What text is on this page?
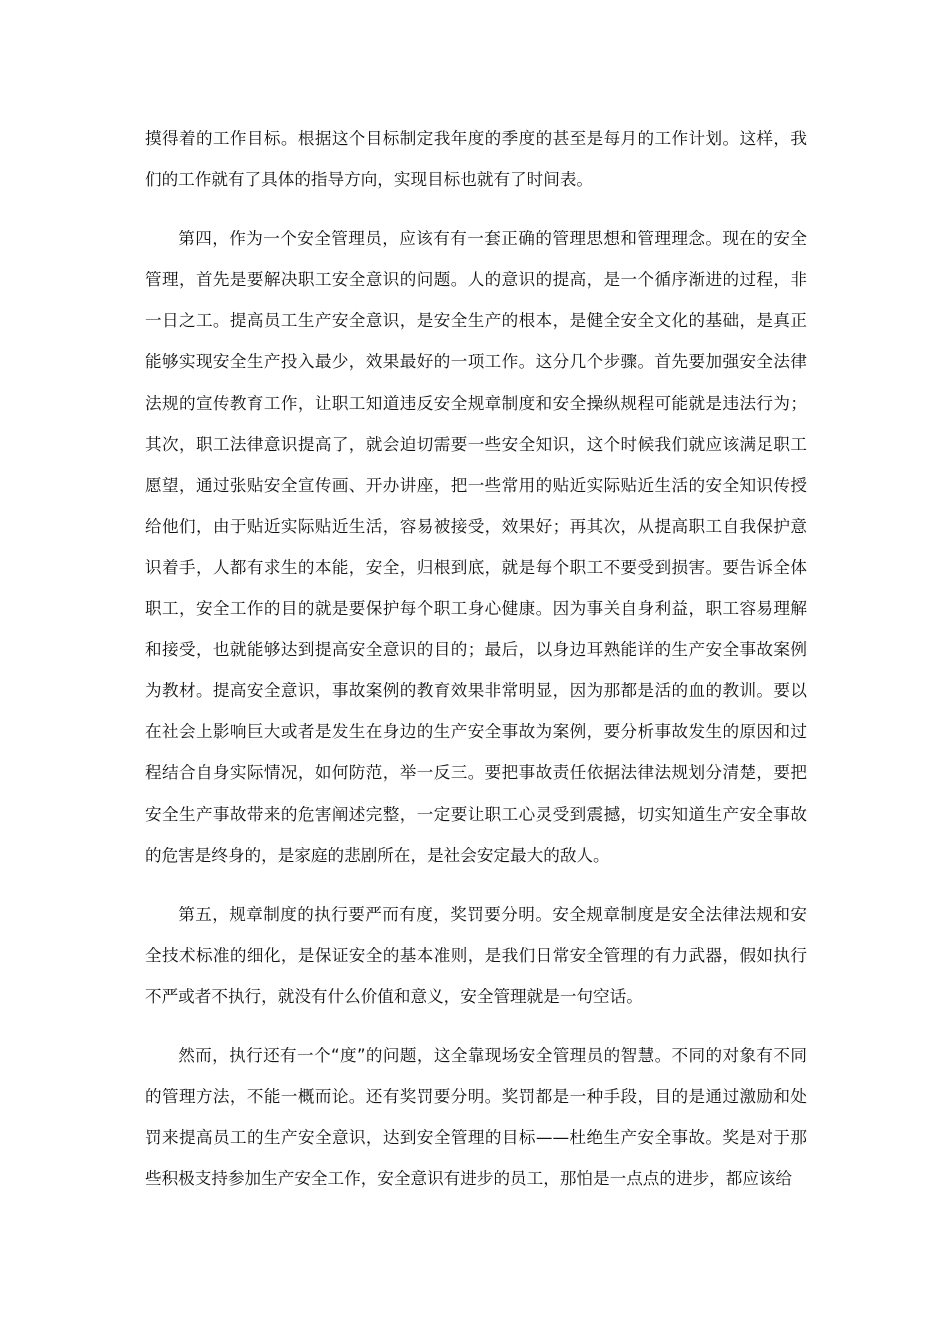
摸得着的工作目标。根据这个目标制定我年度的季度的甚至是每月的工作计划。这样，我们的工作就有了具体的指导方向，实现目标也就有了时间表。

第四，作为一个安全管理员，应该有有一套正确的管理思想和管理理念。现在的安全管理，首先是要解决职工安全意识的问题。人的意识的提高，是一个循序渐进的过程，非一日之工。提高员工生产安全意识，是安全生产的根本，是健全安全文化的基础，是真正能够实现安全生产投入最少，效果最好的一项工作。这分几个步骤。首先要加强安全法律法规的宣传教育工作，让职工知道违反安全规章制度和安全操纵规程可能就是违法行为；其次，职工法律意识提高了，就会迫切需要一些安全知识，这个时候我们就应该满足职工愿望，通过张贴安全宣传画、开办讲座，把一些常用的贴近实际贴近生活的安全知识传授给他们，由于贴近实际贴近生活，容易被接受，效果好；再其次，从提高职工自我保护意识着手，人都有求生的本能，安全，归根到底，就是每个职工不要受到损害。要告诉全体职工，安全工作的目的就是要保护每个职工身心健康。因为事关自身利益，职工容易理解和接受，也就能够达到提高安全意识的目的；最后，以身边耳熟能详的生产安全事故案例为教材。提高安全意识，事故案例的教育效果非常明显，因为那都是活的血的教训。要以在社会上影响巨大或者是发生在身边的生产安全事故为案例，要分析事故发生的原因和过程结合自身实际情况，如何防范，举一反三。要把事故责任依据法律法规划分清楚，要把安全生产事故带来的危害阐述完整，一定要让职工心灵受到震撼，切实知道生产安全事故的危害是终身的，是家庭的悲剧所在，是社会安定最大的敌人。

第五，规章制度的执行要严而有度，奖罚要分明。安全规章制度是安全法律法规和安全技术标准的细化，是保证安全的基本准则，是我们日常安全管理的有力武器，假如执行不严或者不执行，就没有什么价值和意义，安全管理就是一句空话。

然而，执行还有一个“度”的问题，这全靠现场安全管理员的智慧。不同的对象有不同的管理方法，不能一概而论。还有奖罚要分明。奖罚都是一种手段，目的是通过激励和处罚来提高员工的生产安全意识，达到安全管理的目标——杜绝生产安全事故。奖是对于那些积极支持参加生产安全工作，安全意识有进步的员工，那怕是一点点的进步，都应该给
